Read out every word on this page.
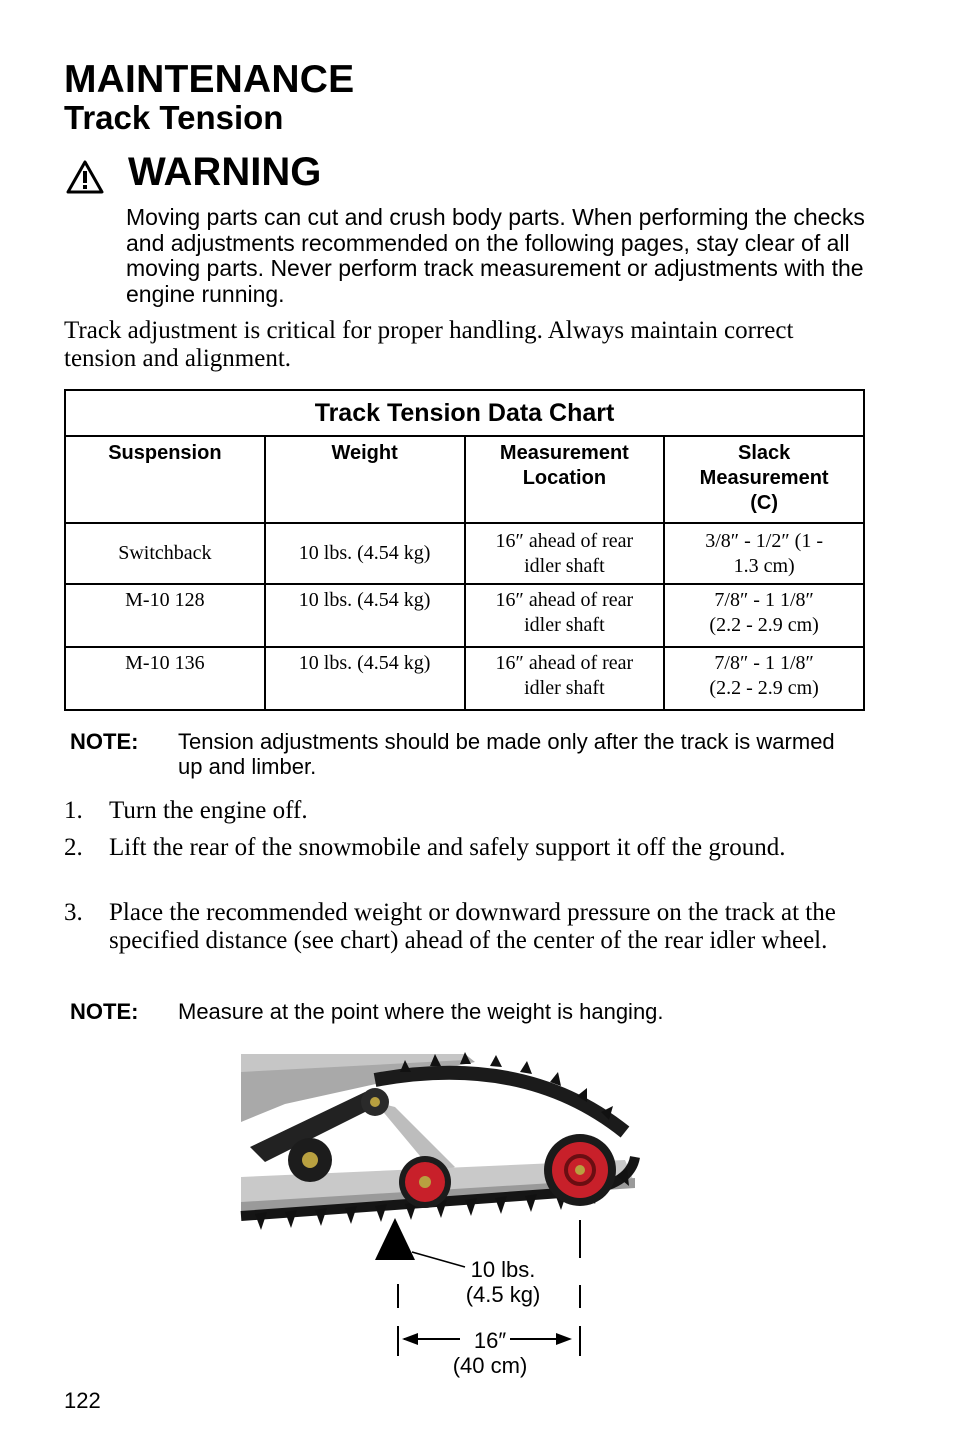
MAINTENANCE
Track Tension
WARNING
Moving parts can cut and crush body parts. When performing the checks and adjustments recommended on the following pages, stay clear of all moving parts. Never perform track measurement or adjustments with the engine running.
Track adjustment is critical for proper handling. Always maintain correct tension and alignment.
Track Tension Data Chart			
Suspension	Weight	Measurement Location	Slack Measurement (C)

Switchback	10 lbs. (4.54 kg)	16″ ahead of rear idler shaft	3/8″ - 1/2″ (1 - 1.3 cm)

M-10 128	10 lbs. (4.54 kg)	16″ ahead of rear idler shaft	7/8″ - 1 1/8″ (2.2 - 2.9 cm)

M-10 136	10 lbs. (4.54 kg)	16″ ahead of rear idler shaft	7/8″ - 1 1/8″ (2.2 - 2.9 cm)
NOTE: Tension adjustments should be made only after the track is warmed up and limber.
1. Turn the engine off.
2. Lift the rear of the snowmobile and safely support it off the ground.
3. Place the recommended weight or downward pressure on the track at the specified distance (see chart) ahead of the center of the rear idler wheel.
NOTE: Measure at the point where the weight is hanging.
10 lbs.
(4.5 kg)
16″
(40 cm)
122
